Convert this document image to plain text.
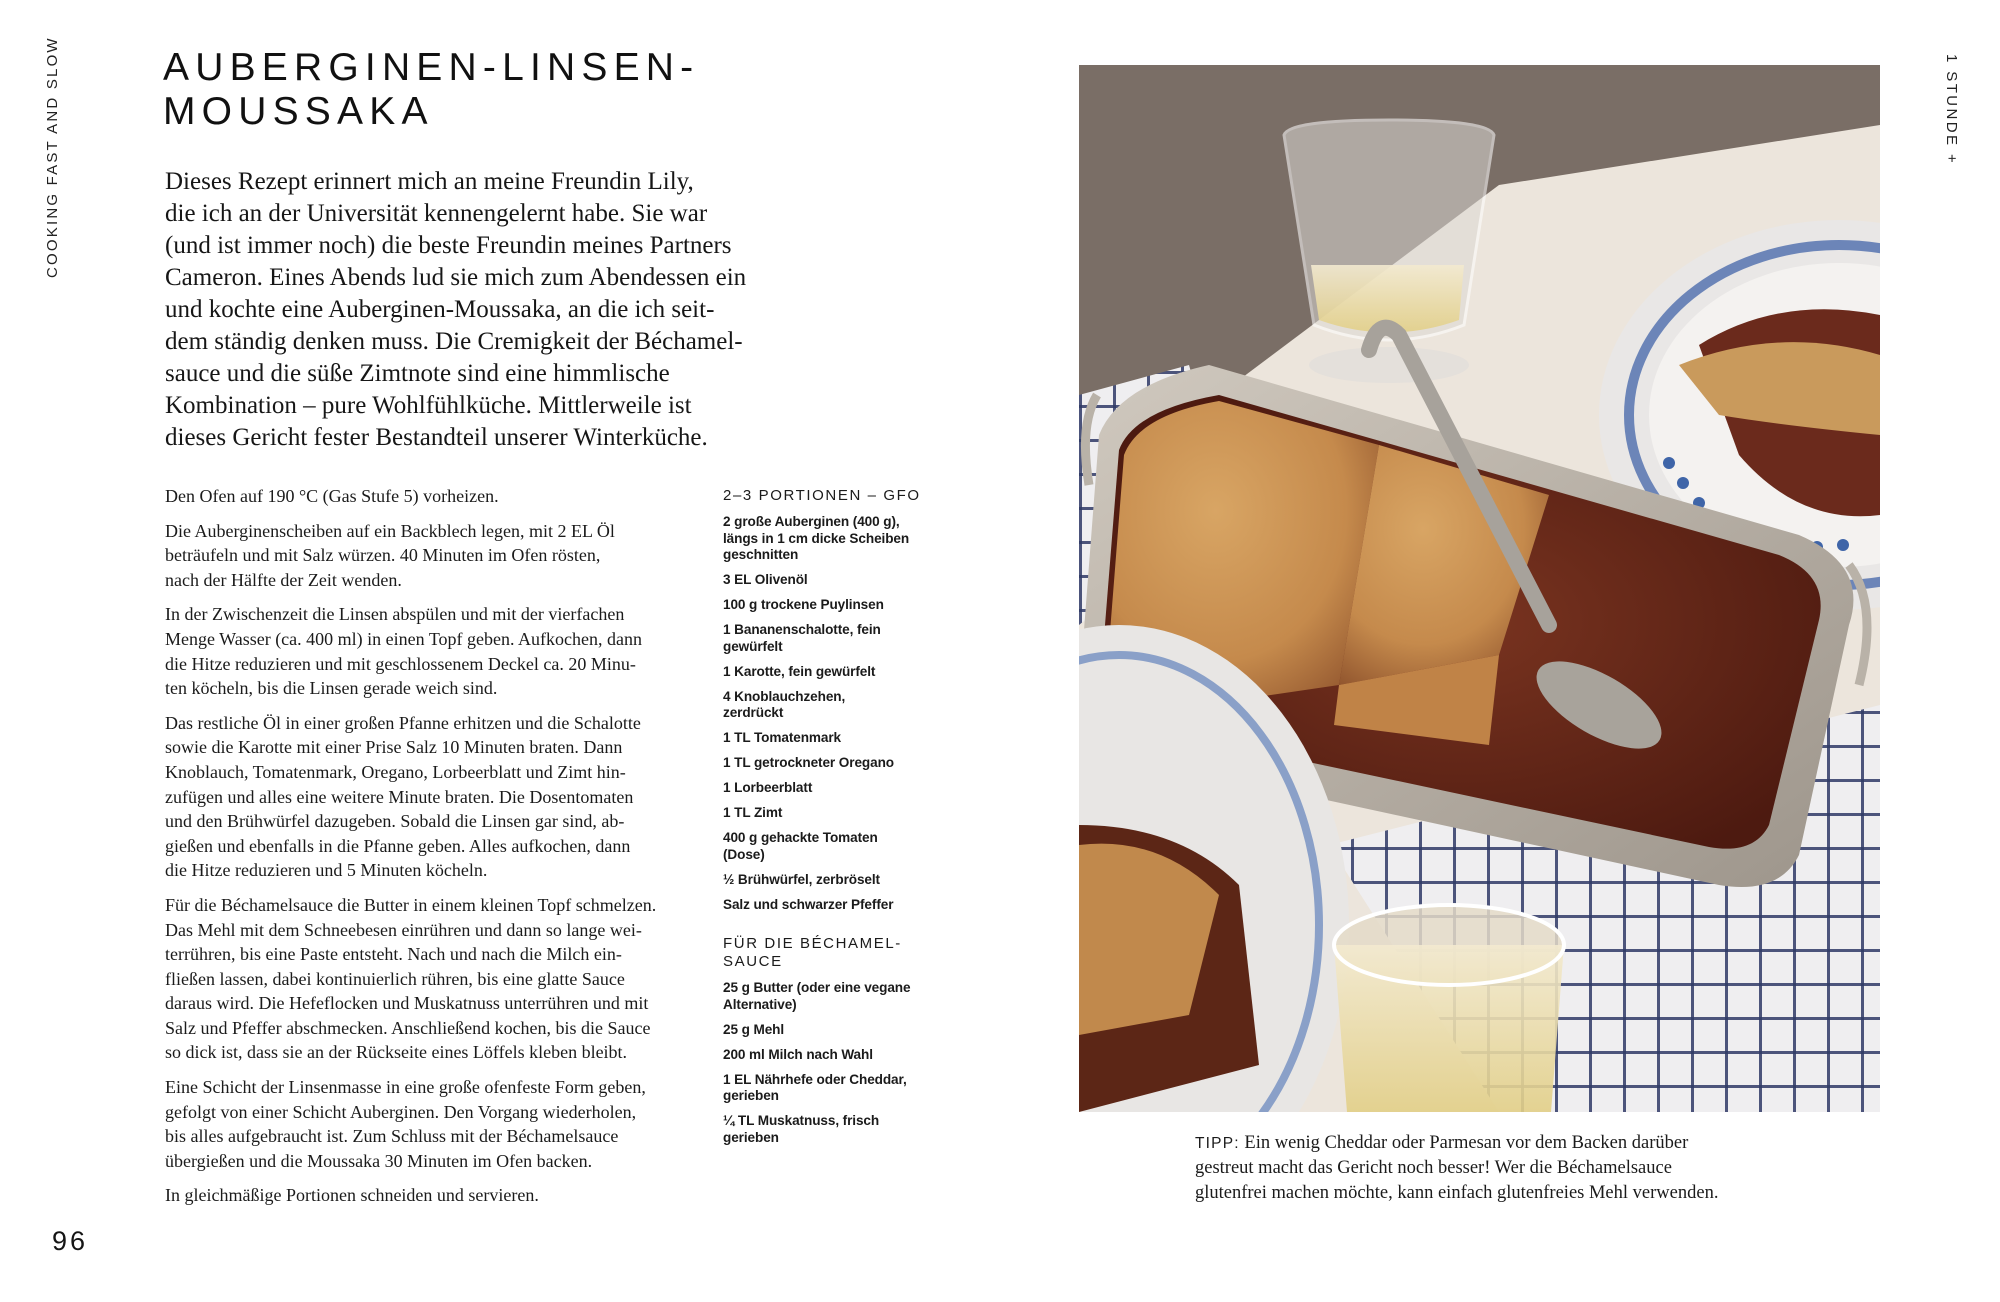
COOKING FAST AND SLOW	1 STUNDE +
AUBERGINEN-LINSEN-
MOUSSAKA

Dieses Rezept erinnert mich an meine Freundin Lily,
die ich an der Universität kennengelernt habe. Sie war
(und ist immer noch) die beste Freundin meines Partners
Cameron. Eines Abends lud sie mich zum Abendessen ein
und kochte eine Auberginen-Moussaka, an die ich seit-
dem ständig denken muss. Die Cremigkeit der Béchamel-
sauce und die süße Zimtnote sind eine himmlische
Kombination – pure Wohlfühlküche. Mittlerweile ist
dieses Gericht fester Bestandteil unserer Winterküche.

Den Ofen auf 190 °C (Gas Stufe 5) vorheizen.

Die Auberginenscheiben auf ein Backblech legen, mit 2 EL Öl
beträufeln und mit Salz würzen. 40 Minuten im Ofen rösten,
nach der Hälfte der Zeit wenden.

In der Zwischenzeit die Linsen abspülen und mit der vierfachen
Menge Wasser (ca. 400 ml) in einen Topf geben. Aufkochen, dann
die Hitze reduzieren und mit geschlossenem Deckel ca. 20 Minu-
ten köcheln, bis die Linsen gerade weich sind.

Das restliche Öl in einer großen Pfanne erhitzen und die Schalotte
sowie die Karotte mit einer Prise Salz 10 Minuten braten. Dann
Knoblauch, Tomatenmark, Oregano, Lorbeerblatt und Zimt hin-
zufügen und alles eine weitere Minute braten. Die Dosentomaten
und den Brühwürfel dazugeben. Sobald die Linsen gar sind, ab-
gießen und ebenfalls in die Pfanne geben. Alles aufkochen, dann
die Hitze reduzieren und 5 Minuten köcheln.

Für die Béchamelsauce die Butter in einem kleinen Topf schmelzen.
Das Mehl mit dem Schneebesen einrühren und dann so lange wei-
terrühren, bis eine Paste entsteht. Nach und nach die Milch ein-
fließen lassen, dabei kontinuierlich rühren, bis eine glatte Sauce
daraus wird. Die Hefeflocken und Muskatnuss unterrühren und mit
Salz und Pfeffer abschmecken. Anschließend kochen, bis die Sauce
so dick ist, dass sie an der Rückseite eines Löffels kleben bleibt.

Eine Schicht der Linsenmasse in eine große ofenfeste Form geben,
gefolgt von einer Schicht Auberginen. Den Vorgang wiederholen,
bis alles aufgebraucht ist. Zum Schluss mit der Béchamelsauce
übergießen und die Moussaka 30 Minuten im Ofen backen.

In gleichmäßige Portionen schneiden und servieren.

2–3 PORTIONEN – GFO
2 große Auberginen (400 g),
längs in 1 cm dicke Scheiben
geschnitten
3 EL Olivenöl
100 g trockene Puylinsen
1 Bananenschalotte, fein
gewürfelt
1 Karotte, fein gewürfelt
4 Knoblauchzehen,
zerdrückt
1 TL Tomatenmark
1 TL getrockneter Oregano
1 Lorbeerblatt
1 TL Zimt
400 g gehackte Tomaten
(Dose)
½ Brühwürfel, zerbröselt
Salz und schwarzer Pfeffer
FÜR DIE BÉCHAMEL-
SAUCE
25 g Butter (oder eine vegane
Alternative)
25 g Mehl
200 ml Milch nach Wahl
1 EL Nährhefe oder Cheddar,
gerieben
¼ TL Muskatnuss, frisch
gerieben	TIPP: Ein wenig Cheddar oder Parmesan vor dem Backen darüber
gestreut macht das Gericht noch besser! Wer die Béchamelsauce
glutenfrei machen möchte, kann einfach glutenfreies Mehl verwenden.
96
